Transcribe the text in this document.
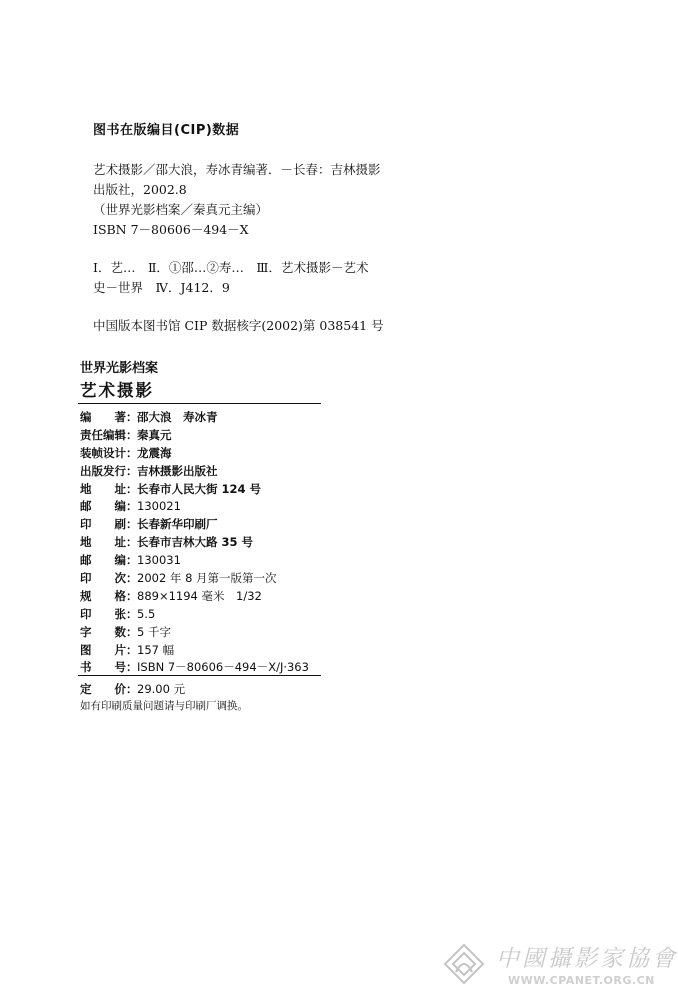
图书在版编目(CIP)数据
艺术摄影／邵大浪，寿冰青编著．－长春：吉林摄影
出版社，2002.8
（世界光影档案／秦真元主编）
ISBN 7－80606－494－X
Ⅰ．艺…　Ⅱ．①邵…②寿…　Ⅲ．艺术摄影－艺术
史－世界　Ⅳ．J412．9
中国版本图书馆 CIP 数据核字(2002)第 038541 号
世界光影档案
艺术摄影
编　　著： 邵大浪　寿冰青
责任编辑： 秦真元
装帧设计： 龙震海
出版发行： 吉林摄影出版社
地　　址： 长春市人民大街 124 号
邮　　编： 130021
印　　刷： 长春新华印刷厂
地　　址： 长春市吉林大路 35 号
邮　　编： 130031
印　　次： 2002 年 8 月第一版第一次
规　　格： 889×1194 毫米　1/32
印　　张： 5.5
字　　数： 5 千字
图　　片： 157 幅
书　　号： ISBN 7－80606－494－X/J·363
定　　价： 29.00 元
如有印刷质量问题请与印刷厂调换。
中國攝影家協會
WWW.CPANET.ORG.CN
